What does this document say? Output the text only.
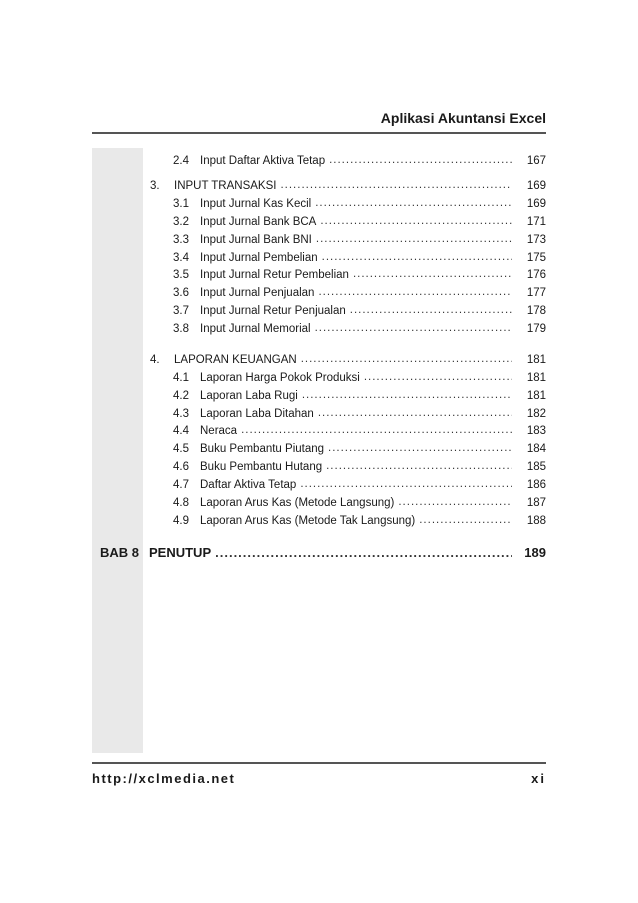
Aplikasi Akuntansi Excel
2.4 Input Daftar Aktiva Tetap .....	167
3.	INPUT TRANSAKSI .....	169
3.1 Input Jurnal Kas Kecil .....	169
3.2 Input Jurnal Bank BCA .....	171
3.3 Input Jurnal Bank BNI .....	173
3.4 Input Jurnal Pembelian .....	175
3.5 Input Jurnal Retur Pembelian .....	176
3.6 Input Jurnal Penjualan .....	177
3.7 Input Jurnal Retur Penjualan .....	178
3.8 Input Jurnal Memorial .....	179
4.	LAPORAN KEUANGAN .....	181
4.1 Laporan Harga Pokok Produksi .....	181
4.2 Laporan Laba Rugi .....	181
4.3 Laporan Laba Ditahan .....	182
4.4 Neraca .....	183
4.5 Buku Pembantu Piutang .....	184
4.6 Buku Pembantu Hutang .....	185
4.7 Daftar Aktiva Tetap .....	186
4.8 Laporan Arus Kas (Metode Langsung) .....	187
4.9 Laporan Arus Kas (Metode Tak Langsung) .....	188
BAB 8 PENUTUP .....	189
http://xclmedia.net	xi
